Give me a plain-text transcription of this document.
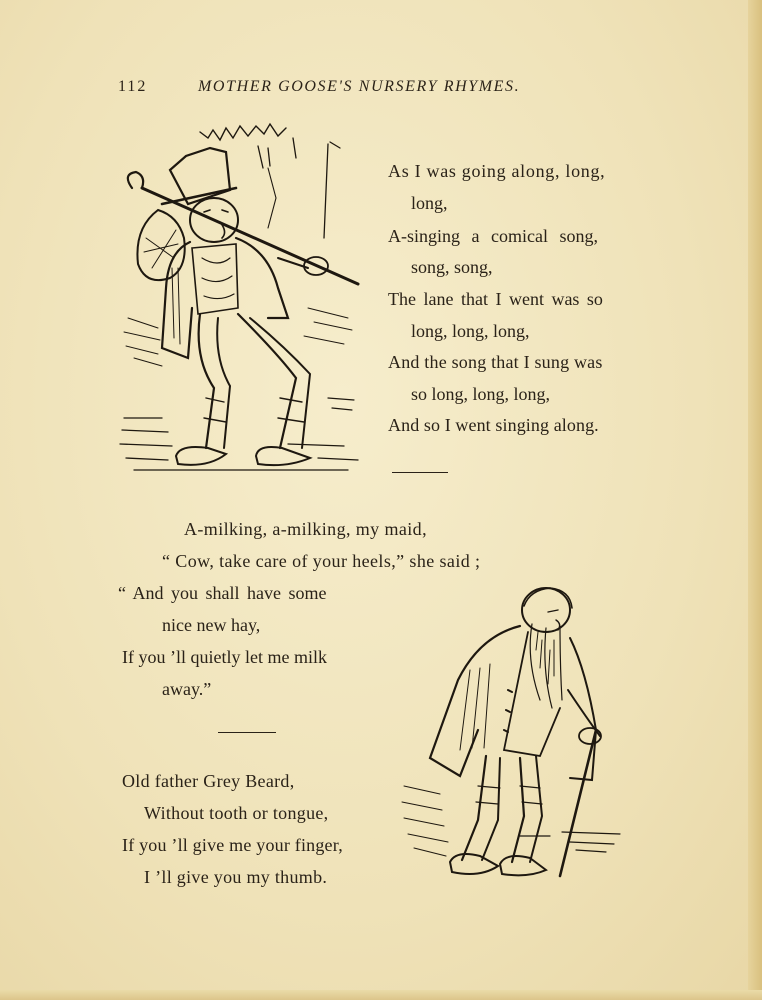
112	MOTHER GOOSE'S NURSERY RHYMES.
As I was going along, long,
long,
A-singing a comical song,
song, song,
The lane that I went was so
long, long, long,
And the song that I sung was
so long, long, long,
And so I went singing along.
A-milking, a-milking, my maid,
“ Cow, take care of your heels,” she said ;
“ And you shall have some
nice new hay,
If you ’ll quietly let me milk
away.”
Old father Grey Beard,
Without tooth or tongue,
If you ’ll give me your finger,
I ’ll give you my thumb.
